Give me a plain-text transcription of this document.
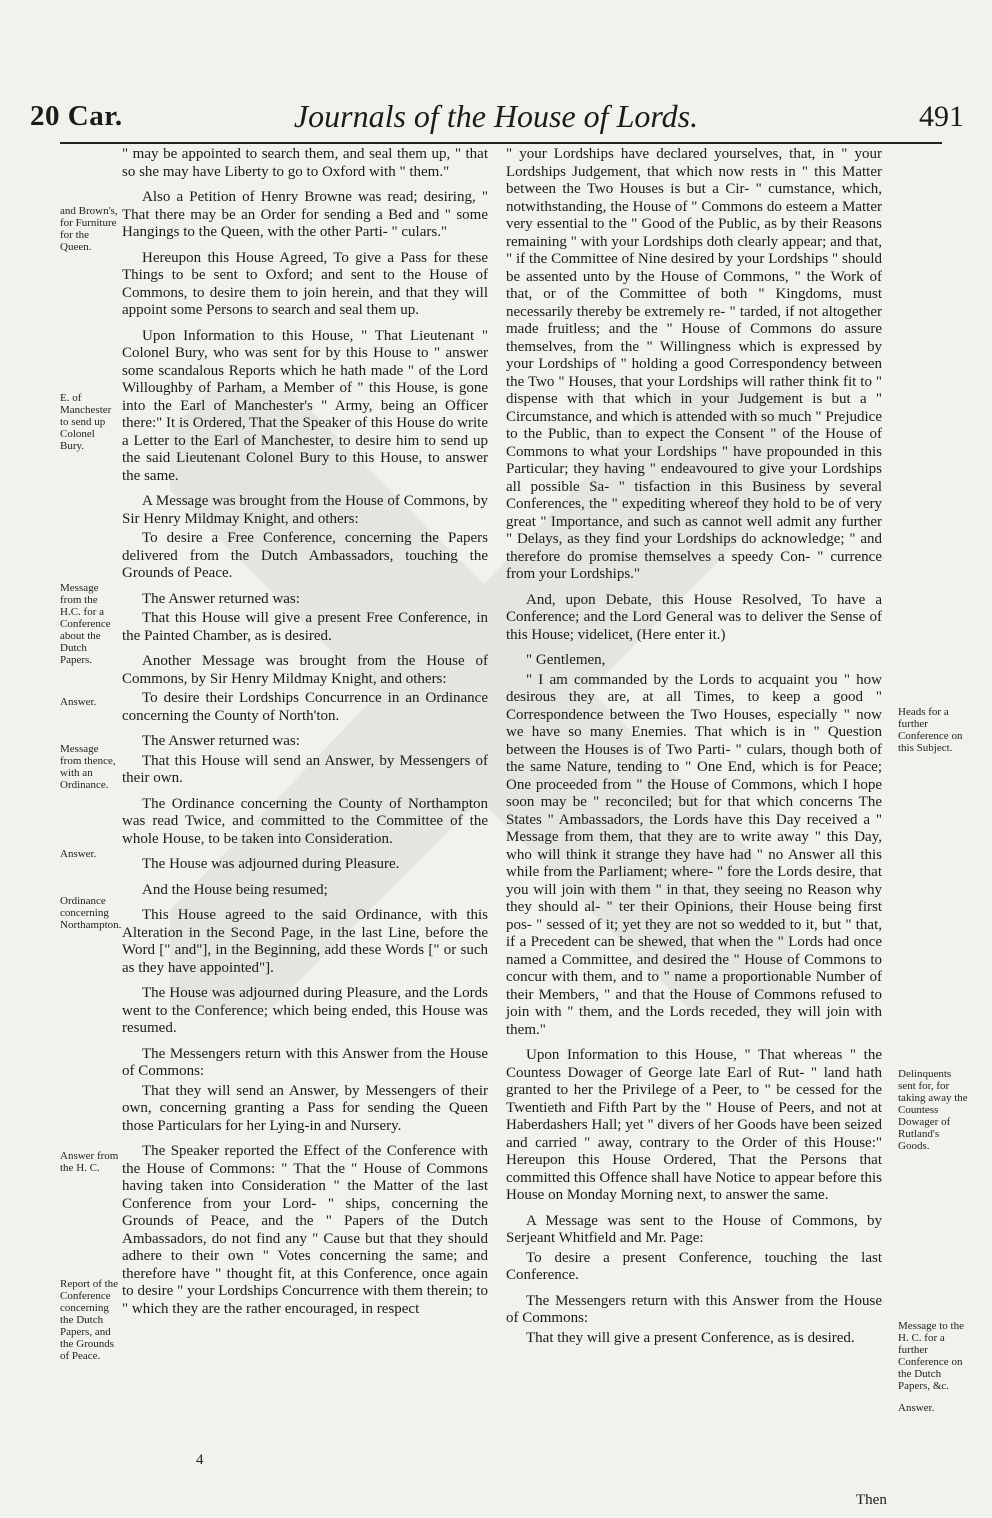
20 Car.	Journals of the House of Lords.	491
and Brown's, for Furniture for the Queen.
E. of Manchester to send up Colonel Bury.
Message from the H.C. for a Conference about the Dutch Papers.
Answer.
Message from thence, with an Ordinance.
Answer.
Ordinance concerning Northampton.
Answer from the H. C.
Report of the Conference concerning the Dutch Papers, and the Grounds of Peace.
Heads for a further Conference on this Subject.
Delinquents sent for, for taking away the Countess Dowager of Rutland's Goods.
Message to the H. C. for a further Conference on the Dutch Papers, &c.
Answer.

" may be appointed to search them, and seal them up, " that so she may have Liberty to go to Oxford with " them."

Also a Petition of Henry Browne was read; desiring, " That there may be an Order for sending a Bed and " some Hangings to the Queen, with the other Parti- " culars."

Hereupon this House Agreed, To give a Pass for these Things to be sent to Oxford; and sent to the House of Commons, to desire them to join herein, and that they will appoint some Persons to search and seal them up.

Upon Information to this House, " That Lieutenant " Colonel Bury, who was sent for by this House to " answer some scandalous Reports which he hath made " of the Lord Willoughby of Parham, a Member of " this House, is gone into the Earl of Manchester's " Army, being an Officer there:" It is Ordered, That the Speaker of this House do write a Letter to the Earl of Manchester, to desire him to send up the said Lieutenant Colonel Bury to this House, to answer the same.

A Message was brought from the House of Commons, by Sir Henry Mildmay Knight, and others:

To desire a Free Conference, concerning the Papers delivered from the Dutch Ambassadors, touching the Grounds of Peace.

The Answer returned was:

That this House will give a present Free Conference, in the Painted Chamber, as is desired.

Another Message was brought from the House of Commons, by Sir Henry Mildmay Knight, and others:

To desire their Lordships Concurrence in an Ordinance concerning the County of North'ton.

The Answer returned was:

That this House will send an Answer, by Messengers of their own.

The Ordinance concerning the County of Northampton was read Twice, and committed to the Committee of the whole House, to be taken into Consideration.

The House was adjourned during Pleasure.

And the House being resumed;

This House agreed to the said Ordinance, with this Alteration in the Second Page, in the last Line, before the Word [" and"], in the Beginning, add these Words [" or such as they have appointed"].

The House was adjourned during Pleasure, and the Lords went to the Conference; which being ended, this House was resumed.

The Messengers return with this Answer from the House of Commons:

That they will send an Answer, by Messengers of their own, concerning granting a Pass for sending the Queen those Particulars for her Lying-in and Nursery.

The Speaker reported the Effect of the Conference with the House of Commons: " That the " House of Commons having taken into Consideration " the Matter of the last Conference from your Lord- " ships, concerning the Grounds of Peace, and the " Papers of the Dutch Ambassadors, do not find any " Cause but that they should adhere to their own " Votes concerning the same; and therefore have " thought fit, at this Conference, once again to desire " your Lordships Concurrence with them therein; to " which they are the rather encouraged, in respect

" your Lordships have declared yourselves, that, in " your Lordships Judgement, that which now rests in " this Matter between the Two Houses is but a Cir- " cumstance, which, notwithstanding, the House of " Commons do esteem a Matter very essential to the " Good of the Public, as by their Reasons remaining " with your Lordships doth clearly appear; and that, " if the Committee of Nine desired by your Lordships " should be assented unto by the House of Commons, " the Work of that, or of the Committee of both " Kingdoms, must necessarily thereby be extremely re- " tarded, if not altogether made fruitless; and the " House of Commons do assure themselves, from the " Willingness which is expressed by your Lordships of " holding a good Correspondency between the Two " Houses, that your Lordships will rather think fit to " dispense with that which in your Judgement is but a " Circumstance, and which is attended with so much " Prejudice to the Public, than to expect the Consent " of the House of Commons to what your Lordships " have propounded in this Particular; they having " endeavoured to give your Lordships all possible Sa- " tisfaction in this Business by several Conferences, the " expediting whereof they hold to be of very great " Importance, and such as cannot well admit any further " Delays, as they find your Lordships do acknowledge; " and therefore do promise themselves a speedy Con- " currence from your Lordships."

And, upon Debate, this House Resolved, To have a Conference; and the Lord General was to deliver the Sense of this House; videlicet, (Here enter it.)

" Gentlemen,

" I am commanded by the Lords to acquaint you " how desirous they are, at all Times, to keep a good " Correspondence between the Two Houses, especially " now we have so many Enemies. That which is in " Question between the Houses is of Two Parti- " culars, though both of the same Nature, tending to " One End, which is for Peace; One proceeded from " the House of Commons, which I hope soon may be " reconciled; but for that which concerns The States " Ambassadors, the Lords have this Day received a " Message from them, that they are to write away " this Day, who will think it strange they have had " no Answer all this while from the Parliament; where- " fore the Lords desire, that you will join with them " in that, they seeing no Reason why they should al- " ter their Opinions, their House being first pos- " sessed of it; yet they are not so wedded to it, but " that, if a Precedent can be shewed, that when the " Lords had once named a Committee, and desired the " House of Commons to concur with them, and to " name a proportionable Number of their Members, " and that the House of Commons refused to join with " them, and the Lords receded, they will join with them."

Upon Information to this House, " That whereas " the Countess Dowager of George late Earl of Rut- " land hath granted to her the Privilege of a Peer, to " be cessed for the Twentieth and Fifth Part by the " House of Peers, and not at Haberdashers Hall; yet " divers of her Goods have been seized and carried " away, contrary to the Order of this House:" Hereupon this House Ordered, That the Persons that committed this Offence shall have Notice to appear before this House on Monday Morning next, to answer the same.

A Message was sent to the House of Commons, by Serjeant Whitfield and Mr. Page:

To desire a present Conference, touching the last Conference.

The Messengers return with this Answer from the House of Commons:

That they will give a present Conference, as is desired.

4
Then
